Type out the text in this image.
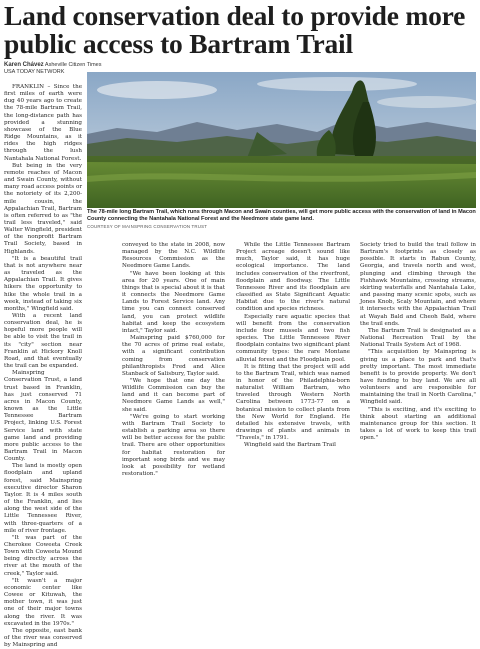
Land conservation deal to provide more public access to Bartram Trail
Karen Chávez Asheville Citizen Times
USA TODAY NETWORK

FRANKLIN – Since the first miles of earth were dug 40 years ago to create the 78-mile Bartram Trail, the long-distance path has provided a stunning showcase of the Blue Ridge Mountains, as it rides the high ridges through the lush Nantahala National Forest.

But being in the very remote reaches of Macon and Swain County, without many road access points or the notoriety of its 2,200-mile cousin, the Appalachian Trail, Bartram is often referred to as "the trail less traveled," said Walter Wingfield, president of the nonprofit Bartram Trail Society, based in Highlands.

"It is a beautiful trail that is not anywhere near as traveled as the Appalachian Trail. It gives hikers the opportunity to hike the whole trail in a week, instead of taking six months," Wingfield said.

With a recent land conservation deal, he is hopeful more people will be able to visit the trail in its "city" section near Franklin at Hickory Knoll Road, and that eventually the trail can be expanded.

Mainspring Conservation Trust, a land trust based in Franklin, has just conserved 71 acres in Macon County, known as the Little Tennessee Bartram Project, linking U.S. Forest Service land with state game land and providing more public access to the Bartram Trail in Macon County.

The land is mostly open floodplain and upland forest, said Mainspring executive director Sharon Taylor. It is 4 miles south of the Franklin, and lies along the west side of the Little Tennessee River, with three-quarters of a mile of river frontage.

"It was part of the Cherokee Coweeta Creek Town with Coweeta Mound being directly across the river at the mouth of the creek," Taylor said.

"It wasn't a major economic center like Cowee or Kituwah, the mother town, it was just one of their major towns along the river. It was excavated in the 1970s."

The opposite, east bank of the river was conserved by Mainspring and

The 78-mile long Bartram Trail, which runs through Macon and Swain counties, will get more public access with the conservation of land in Macon County connecting the Nantahala National Forest and the Needmore state game land.
COURTESY OF MAINSPRING CONSERVATION TRUST

conveyed to the state in 2008, now managed by the N.C. Wildlife Resources Commission as the Needmore Game Lands.

"We have been looking at this area for 20 years. One of main things that is special about it is that it connects the Needmore Game Lands to Forest Service land. Any time you can connect conserved land, you can protect wildlife habitat and keep the ecosystem intact," Taylor said.

Mainspring paid $760,000 for the 70 acres of prime real estate, with a significant contribution coming from conservation philanthropists Fred and Alice Stanback of Salisbury, Taylor said.

"We hope that one day the Wildlife Commission can buy the land and it can become part of Needmore Game Lands as well," she said.

"We're going to start working with Bartram Trail Society to establish a parking area so there will be better access for the public trail. There are other opportunities for habitat restoration for important song birds and we may look at possibility for wetland restoration."

While the Little Tennessee Bartram Project acreage doesn't sound like much, Taylor said, it has huge ecological importance. The land includes conservation of the riverfront, floodplain and floodway. The Little Tennessee River and its floodplain are classified as State Significant Aquatic Habitat due to the river's natural condition and species richness.

Especially rare aquatic species that will benefit from the conservation include four mussels and two fish species. The Little Tennessee River floodplain contains two significant plant community types: the rare Montane alluvial forest and the Floodplain pool.

It is fitting that the project will add to the Bartram Trail, which was named in honor of the Philadelphia-born naturalist William Bartram, who traveled through Western North Carolina between 1773-77 on a botanical mission to collect plants from the New World for England. He detailed his extensive travels, with drawings of plants and animals in "Travels," in 1791.

Wingfield said the Bartram Trail

Society tried to build the trail follow in Bartram's footprints as closely as possible. It starts in Rabun County, Georgia, and travels north and west, plunging and climbing through the Fishhawk Mountains, crossing streams, skirting waterfalls and Nantahala Lake, and passing many scenic spots, such as Jones Knob, Scaly Mountain, and where it intersects with the Appalachian Trail at Wayah Bald and Cheoh Bald, where the trail ends.

The Bartram Trail is designated as a National Recreation Trail by the National Trails System Act of 1968.

"This acquisition by Mainspring is giving us a place to park and that's pretty important. The most immediate benefit is to provide property. We don't have funding to buy land. We are all volunteers and are responsible for maintaining the trail in North Carolina," Wingfield said.

"This is exciting, and it's exciting to think about starting an additional maintenance group for this section. It takes a lot of work to keep this trail open."
